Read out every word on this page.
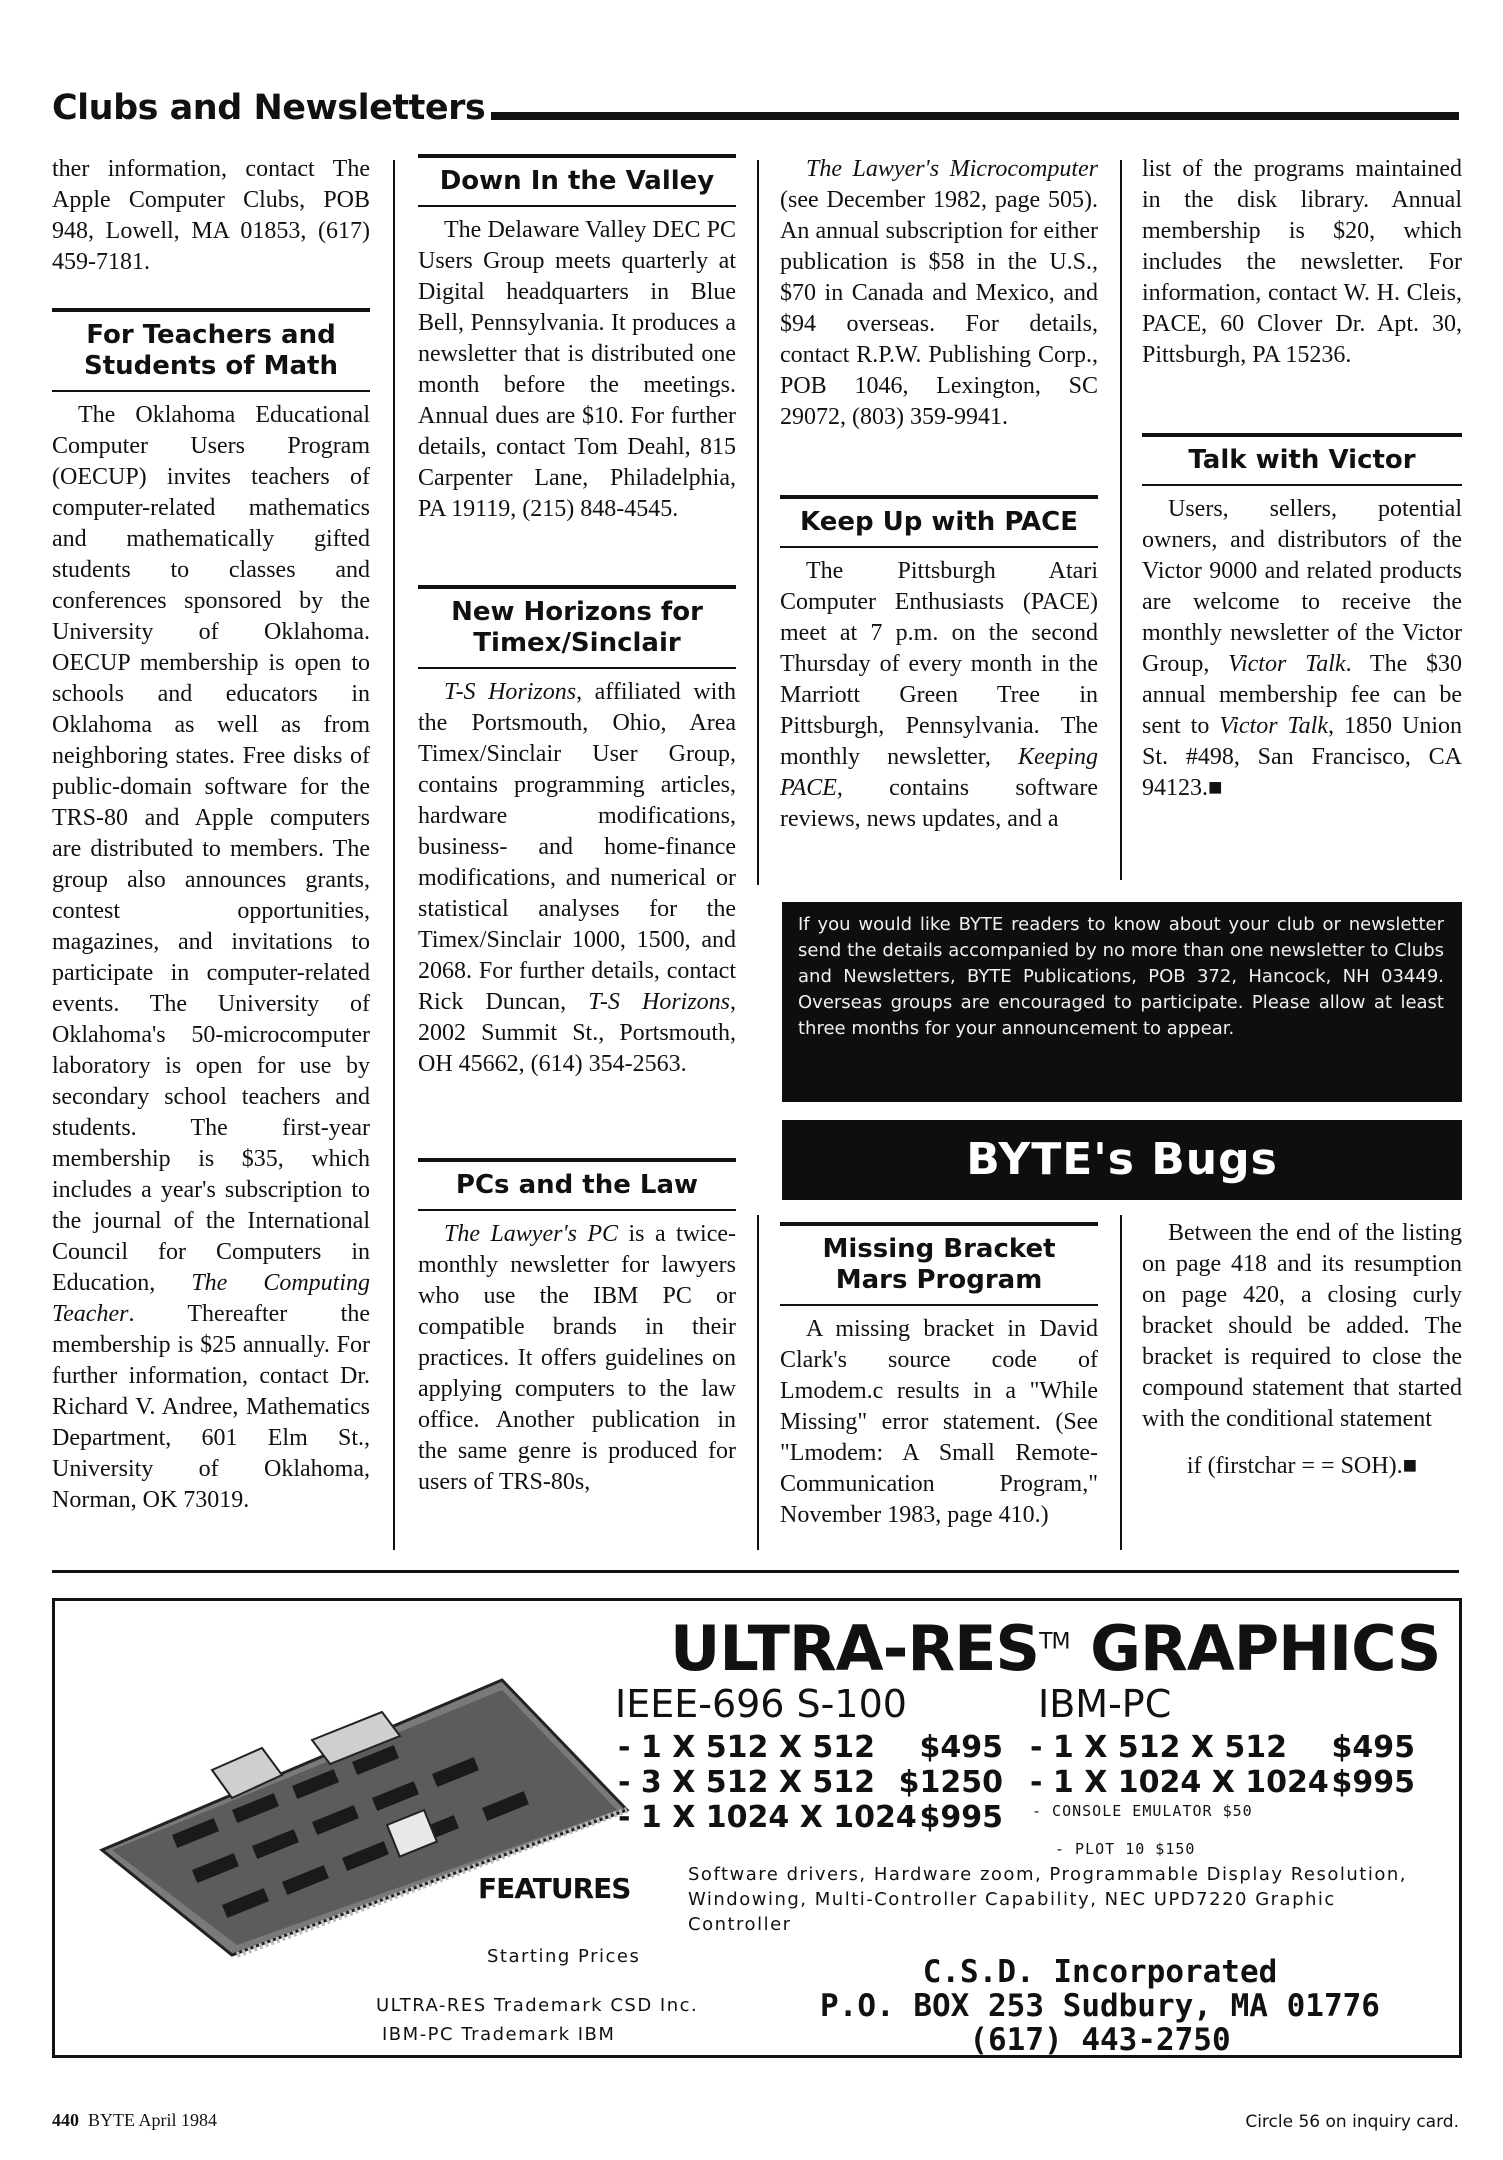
Clubs and Newsletters

ther information, contact The Apple Computer Clubs, POB 948, Lowell, MA 01853, (617) 459-7181.

For Teachers and Students of Math

The Oklahoma Educational Computer Users Program (OECUP) invites teachers of computer-related mathematics and mathematically gifted students to classes and conferences sponsored by the University of Oklahoma. OECUP membership is open to schools and educators in Oklahoma as well as from neighboring states. Free disks of public-domain software for the TRS-80 and Apple computers are distributed to members. The group also announces grants, contest opportunities, magazines, and invitations to participate in computer-related events. The University of Oklahoma's 50-microcomputer laboratory is open for use by secondary school teachers and students. The first-year membership is $35, which includes a year's subscription to the journal of the International Council for Computers in Education, The Computing Teacher. Thereafter the membership is $25 annually. For further information, contact Dr. Richard V. Andree, Mathematics Department, 601 Elm St., University of Oklahoma, Norman, OK 73019.

Down In the Valley

The Delaware Valley DEC PC Users Group meets quarterly at Digital headquarters in Blue Bell, Pennsylvania. It produces a newsletter that is distributed one month before the meetings. Annual dues are $10. For further details, contact Tom Deahl, 815 Carpenter Lane, Philadelphia, PA 19119, (215) 848-4545.

New Horizons for Timex/Sinclair

T-S Horizons, affiliated with the Portsmouth, Ohio, Area Timex/Sinclair User Group, contains programming articles, hardware modifications, business- and home-finance modifications, and numerical or statistical analyses for the Timex/Sinclair 1000, 1500, and 2068. For further details, contact Rick Duncan, T-S Horizons, 2002 Summit St., Portsmouth, OH 45662, (614) 354-2563.

PCs and the Law

The Lawyer's PC is a twice-monthly newsletter for lawyers who use the IBM PC or compatible brands in their practices. It offers guidelines on applying computers to the law office. Another publication in the same genre is produced for users of TRS-80s,

The Lawyer's Microcomputer (see December 1982, page 505). An annual subscription for either publication is $58 in the U.S., $70 in Canada and Mexico, and $94 overseas. For details, contact R.P.W. Publishing Corp., POB 1046, Lexington, SC 29072, (803) 359-9941.

Keep Up with PACE

The Pittsburgh Atari Computer Enthusiasts (PACE) meet at 7 p.m. on the second Thursday of every month in the Marriott Green Tree in Pittsburgh, Pennsylvania. The monthly newsletter, Keeping PACE, contains software reviews, news updates, and a

list of the programs maintained in the disk library. Annual membership is $20, which includes the newsletter. For information, contact W. H. Cleis, PACE, 60 Clover Dr. Apt. 30, Pittsburgh, PA 15236.

Talk with Victor

Users, sellers, potential owners, and distributors of the Victor 9000 and related products are welcome to receive the monthly newsletter of the Victor Group, Victor Talk. The $30 annual membership fee can be sent to Victor Talk, 1850 Union St. #498, San Francisco, CA 94123.■

If you would like BYTE readers to know about your club or newsletter send the details accompanied by no more than one newsletter to Clubs and Newsletters, BYTE Publications, POB 372, Hancock, NH 03449. Overseas groups are encouraged to participate. Please allow at least three months for your announcement to appear.
BYTE's Bugs
Missing Bracket Mars Program

A missing bracket in David Clark's source code of Lmodem.c results in a "While Missing" error statement. (See "Lmodem: A Small Remote-Communication Program," November 1983, page 410.)

Between the end of the listing on page 418 and its resumption on page 420, a closing curly bracket should be added. The bracket is required to close the compound statement that started with the conditional statement

if (firstchar = = SOH).■

ULTRA-RES™ GRAPHICS
IEEE-696 S-100	IBM-PC
- 1 X 512 X 512 $495
- 3 X 512 X 512 $1250
- 1 X 1024 X 1024 $995
- 1 X 512 X 512 $495
- 1 X 1024 X 1024 $995
- CONSOLE EMULATOR $50
- PLOT 10 $150
FEATURES	Software drivers, Hardware zoom, Programmable Display Resolution, Windowing, Multi-Controller Capability, NEC UPD7220 Graphic Controller
Starting Prices
ULTRA-RES Trademark CSD Inc.
IBM-PC Trademark IBM
C.S.D. Incorporated
P.O. BOX 253 Sudbury, MA 01776
(617) 443-2750
440 BYTE April 1984	Circle 56 on inquiry card.
